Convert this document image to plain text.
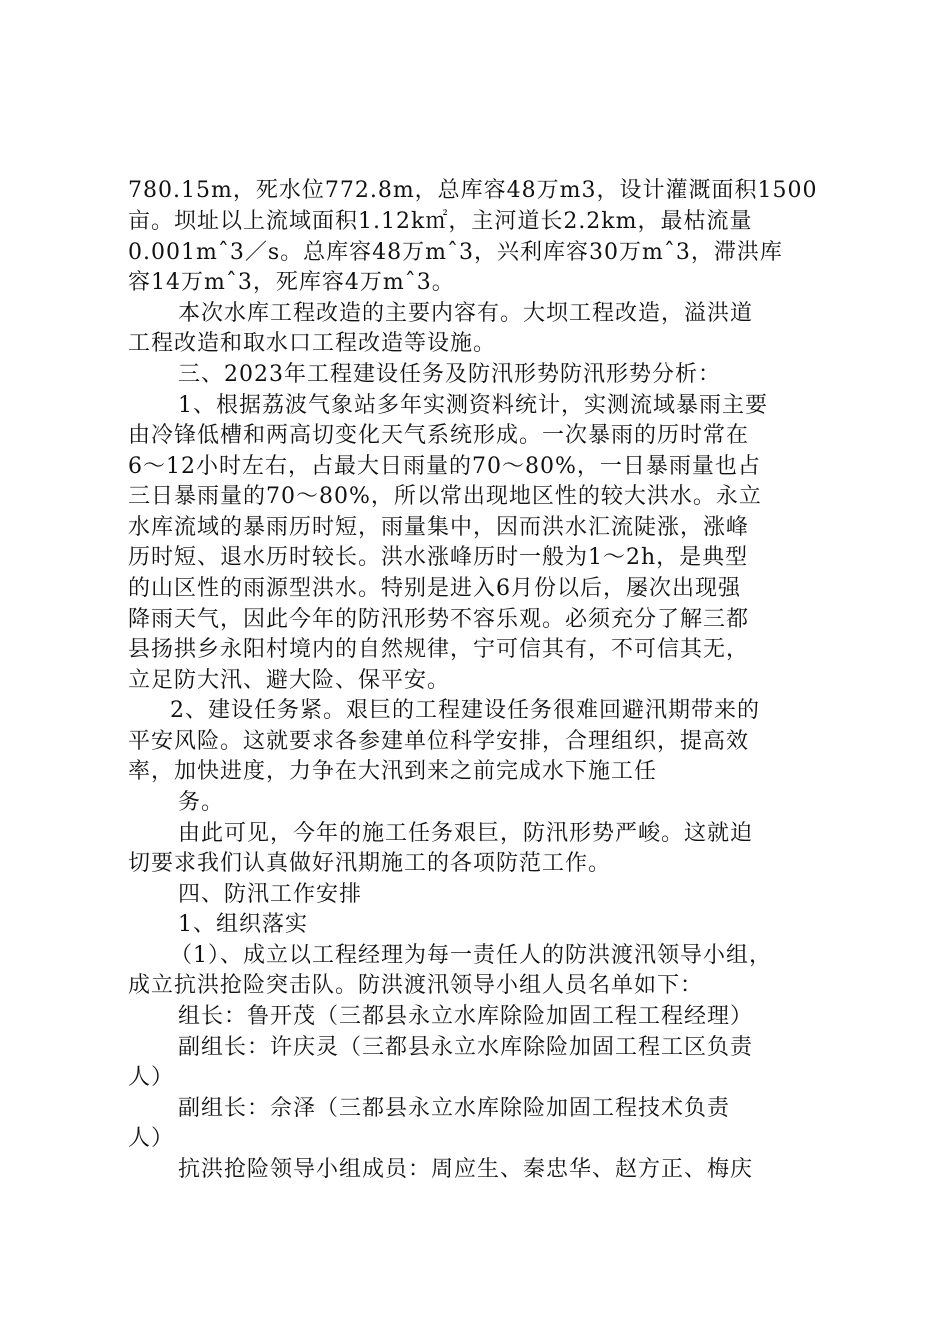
780.15m，死水位772.8m，总库容48万m3，设计灌溉面积1500
亩。坝址以上流域面积1.12k㎡，主河道长2.2km，最枯流量
0.001mˆ3／s。总库容48万mˆ3，兴利库容30万mˆ3，滞洪库
容14万mˆ3，死库容4万mˆ3。
本次水库工程改造的主要内容有。大坝工程改造，溢洪道
工程改造和取水口工程改造等设施。
三、2023年工程建设任务及防汛形势防汛形势分析：
1、根据荔波气象站多年实测资料统计，实测流域暴雨主要
由冷锋低槽和两高切变化天气系统形成。一次暴雨的历时常在
6～12小时左右，占最大日雨量的70～80%，一日暴雨量也占
三日暴雨量的70～80%，所以常出现地区性的较大洪水。永立
水库流域的暴雨历时短，雨量集中，因而洪水汇流陡涨，涨峰
历时短、退水历时较长。洪水涨峰历时一般为1～2h，是典型
的山区性的雨源型洪水。特别是进入6月份以后，屡次出现强
降雨天气，因此今年的防汛形势不容乐观。必须充分了解三都
县扬拱乡永阳村境内的自然规律，宁可信其有，不可信其无，
立足防大汛、避大险、保平安。
2、建设任务紧。艰巨的工程建设任务很难回避汛期带来的
平安风险。这就要求各参建单位科学安排，合理组织，提高效
率，加快进度，力争在大汛到来之前完成水下施工任
务。
由此可见，今年的施工任务艰巨，防汛形势严峻。这就迫
切要求我们认真做好汛期施工的各项防范工作。
四、防汛工作安排
1、组织落实
（1）、成立以工程经理为每一责任人的防洪渡汛领导小组，
成立抗洪抢险突击队。防洪渡汛领导小组人员名单如下：
组长：鲁开茂（三都县永立水库除险加固工程工程经理）
副组长：许庆灵（三都县永立水库除险加固工程工区负责
人）
副组长：佘泽（三都县永立水库除险加固工程技术负责
人）
抗洪抢险领导小组成员：周应生、秦忠华、赵方正、梅庆
